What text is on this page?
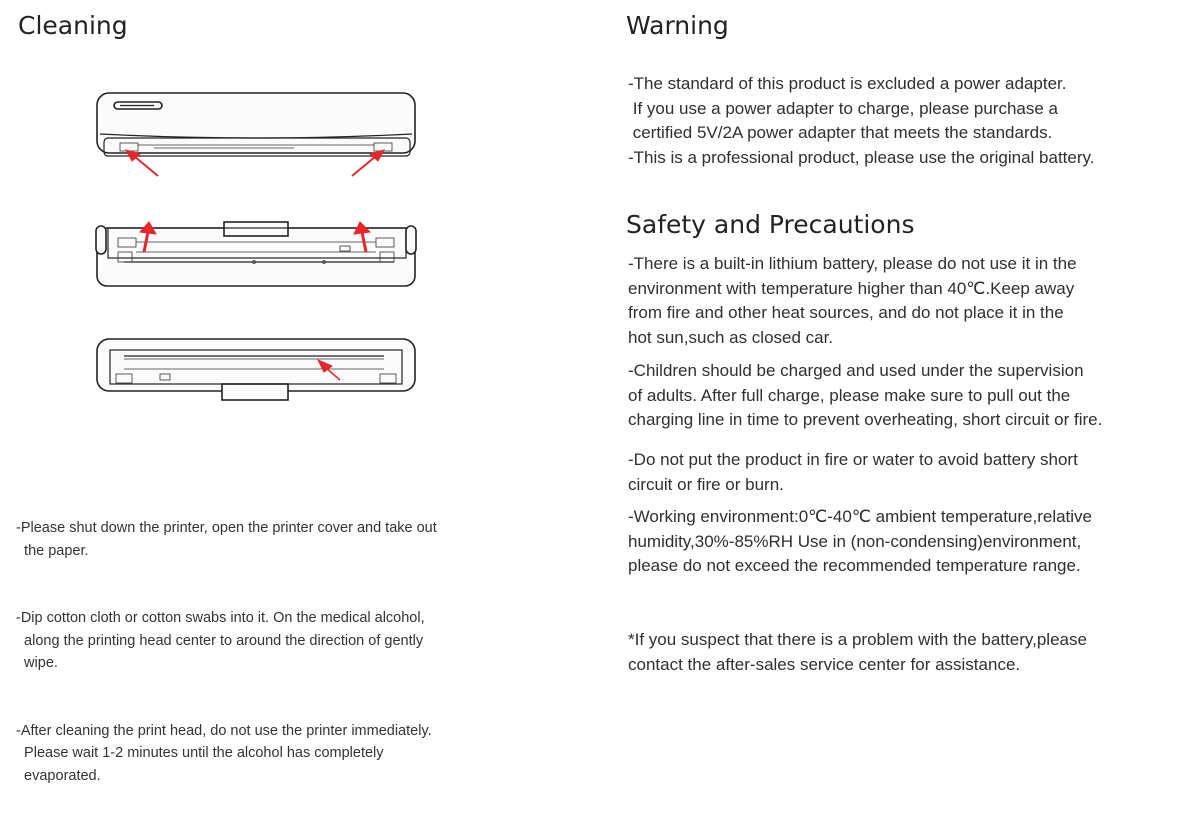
Cleaning

-Please shut down the printer, open the printer cover and take out
the paper.

-Dip cotton cloth or cotton swabs into it. On the medical alcohol,
along the printing head center to around the direction of gently
wipe.

-After cleaning the print head, do not use the printer immediately.
Please wait 1-2 minutes until the alcohol has completely
evaporated.

Warning
-The standard of this product is excluded a power adapter.
If you use a power adapter to charge, please purchase a
certified 5V/2A power adapter that meets the standards.
-This is a professional product, please use the original battery.
Safety and Precautions
-There is a built-in lithium battery, please do not use it in the
environment with temperature higher than 40℃.Keep away
from fire and other heat sources, and do not place it in the
hot sun,such as closed car.
-Children should be charged and used under the supervision
of adults. After full charge, please make sure to pull out the
charging line in time to prevent overheating, short circuit or fire.
-Do not put the product in fire or water to avoid battery short
circuit or fire or burn.
-Working environment:0℃-40℃ ambient temperature,relative
humidity,30%-85%RH Use in (non-condensing)environment,
please do not exceed the recommended temperature range.
*If you suspect that there is a problem with the battery,please
contact the after-sales service center for assistance.
